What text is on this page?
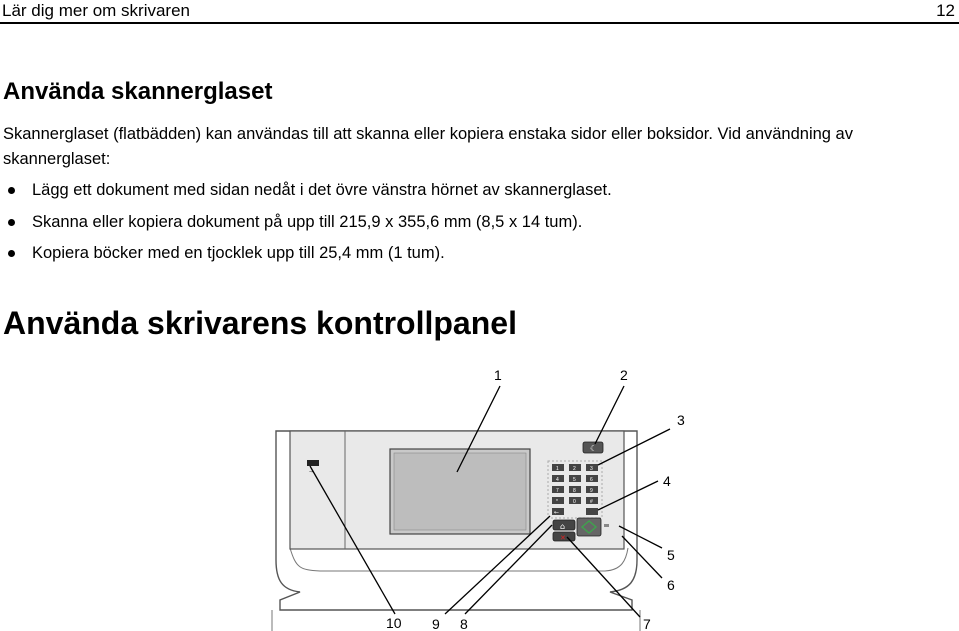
Lär dig mer om skrivaren	12
Använda skannerglaset
Skannerglaset (flatbädden) kan användas till att skanna eller kopiera enstaka sidor eller boksidor. Vid användning av skannerglaset:
Lägg ett dokument med sidan nedåt i det övre vänstra hörnet av skannerglaset.
Skanna eller kopiera dokument på upp till 215,9 x 355,6 mm (8,5 x 14 tum).
Kopiera böcker med en tjocklek upp till 25,4 mm (1 tum).
Använda skrivarens kontrollpanel
⇝
☾
1	2	3
4	5	6
7	8	9
*	0	#
←
⌂
✕
1	2
3
4
5
6
7
8
9
10
